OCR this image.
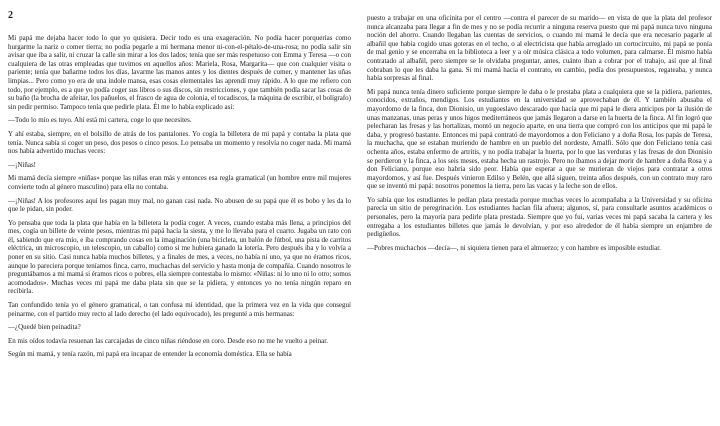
2

Mi papá me dejaba hacer todo lo que yo quisiera. Decir todo es una exageración. No podía hacer porquerías como hurgarme la nariz o comer tierra; no podía pegarle a mi hermana menor ni-con-el-pétalo-de-una-rosa; no podía salir sin avisar que iba a salir, ni cruzar la calle sin mirar a los dos lados; tenía que ser más respetuoso con Emma y Teresa —o con cualquiera de las otras empleadas que tuvimos en aquellos años: Mariela, Rosa, Margarita— que con cualquier visita o pariente; tenía que bañarme todos los días, lavarme las manos antes y los dientes después de comer, y mantener las uñas limpias... Pero como yo era de una índole mansa, esas cosas elementales las aprendí muy rápido. A lo que me refiero con todo, por ejemplo, es a que yo podía coger sus libros o sus discos, sin restricciones, y que también podía sacar las cosas de su baño (la brocha de afeitar, los pañuelos, el frasco de agua de colonia, el tocadiscos, la máquina de escribir, el bolígrafo) sin pedir permiso. Tampoco tenía que pedirle plata. Él me lo había explicado así:

—Todo lo mío es tuyo. Ahí está mi cartera, coge lo que necesites.

Y ahí estaba, siempre, en el bolsillo de atrás de los pantalones. Yo cogía la billetera de mi papá y contaba la plata que tenía. Nunca sabía si coger un peso, dos pesos o cinco pesos. Lo pensaba un momento y resolvía no coger nada. Mi mamá nos había advertido muchas veces:

—¡Niñas!

Mi mamá decía siempre «niñas» porque las niñas eran más y entonces esa regla gramatical (un hombre entre mil mujeres convierte todo al género masculino) para ella no contaba.

—¡Niñas! A los profesores aquí les pagan muy mal, no ganan casi nada. No abusen de su papá que él es bobo y les da lo que le pidan, sin poder.

Yo pensaba que toda la plata que había en la billetera la podía coger. A veces, cuando estaba más llena, a principios del mes, cogía un billete de veinte pesos, mientras mi papá hacía la siesta, y me lo llevaba para el cuarto. Jugaba un rato con él, sabiendo que era mío, e iba comprando cosas en la imaginación (una bicicleta, un balón de fútbol, una pista de carritos eléctrica, un microscopio, un telescopio, un caballo) como si me hubiera ganado la lotería. Pero después iba y lo volvía a poner en su sitio. Casi nunca había muchos billetes, y a finales de mes, a veces, no había ni uno, ya que no éramos ricos, aunque lo pareciera porque teníamos finca, carro, muchachas del servicio y hasta monja de compañía. Cuando nosotros le preguntábamos a mi mamá si éramos ricos o pobres, ella siempre contestaba lo mismo: «Niñas: ni lo uno ni lo otro; somos acomodados». Muchas veces mi papá me daba plata sin que se la pidiera, y entonces yo no tenía ningún reparo en recibirla.

Tan confundido tenía yo el género gramatical, o tan confusa mi identidad, que la primera vez en la vida que conseguí peinarme, con el partido muy recto al lado derecho (el lado equivocado), les pregunté a mis hermanas:

—¿Quedé bien peinadita?

En mis oídos todavía resuenan las carcajadas de cinco niñas riéndose en coro. Desde eso no me he vuelto a peinar.

Según mi mamá, y tenía razón, mi papá era incapaz de entender la economía doméstica. Ella se había

puesto a trabajar en una oficinita por el centro —contra el parecer de su marido— en vista de que la plata del profesor nunca alcanzaba para llegar a fin de mes y no se podía recurrir a ninguna reserva puesto que mi papá nunca tuvo ninguna noción del ahorro. Cuando llegaban las cuentas de servicios, o cuando mi mamá le decía que era necesario pagarle al albañil que había cogido unas goteras en el techo, o al electricista que había arreglado un cortocircuito, mi papá se ponía de mal genio y se encerraba en la biblioteca a leer y a oír música clásica a todo volumen, para calmarse. Él mismo había contratado al albañil, pero siempre se le olvidaba preguntar, antes, cuánto iban a cobrar por el trabajo, así que al final cobraban lo que les daba la gana. Si mi mamá hacía el contrato, en cambio, pedía dos presupuestos, regateaba, y nunca había sorpresas al final.

Mi papá nunca tenía dinero suficiente porque siempre le daba o le prestaba plata a cualquiera que se la pidiera, parientes, conocidos, extraños, mendigos. Los estudiantes en la universidad se aprovechaban de él. Y también abusaba el mayordomo de la finca, don Dionisio, un yugoeslavo descarado que hacía que mi papá le diera anticipos por la ilusión de unas manzanas, unas peras y unos higos mediterráneos que jamás llegaron a darse en la huerta de la finca. Al fin logró que pelecharan las fresas y las hortalizas, montó un negocio aparte, en una tierra que compró con los anticipos que mi papá le daba, y progresó bastante. Entonces mi papá contrató de mayordomos a don Feliciano y a doña Rosa, los papás de Teresa, la muchacha, que se estaban muriendo de hambre en un pueblo del nordeste, Amalfi. Sólo que don Feliciano tenía casi ochenta años, estaba enfermo de artritis, y no podía trabajar la huerta, por lo que las verduras y las fresas de don Dionisio se perdieron y la finca, a los seis meses, estaba hecha un rastrojo. Pero no íbamos a dejar morir de hambre a doña Rosa y a don Feliciano, porque eso habría sido peor. Había que esperar a que se murieran de viejos para contratar a otros mayordomos, y así fue. Después vinieron Edilso y Belén, que allá siguen, treinta años después, con un contrato muy raro que se inventó mi papá: nosotros ponemos la tierra, pero las vacas y la leche son de ellos.

Yo sabía que los estudiantes le pedían plata prestada porque muchas veces lo acompañaba a la Universidad y su oficina parecía un sitio de peregrinación. Los estudiantes hacían fila afuera; algunos, sí, para consultarle asuntos académicos o personales, pero la mayoría para pedirle plata prestada. Siempre que yo fui, varias veces mi papá sacaba la cartera y les entregaba a los estudiantes billetes que jamás le devolvían, y por eso alrededor de él había siempre un enjambre de pedigüeños.

—Pobres muchachos —decía—, ni siquiera tienen para el almuerzo; y con hambre es imposible estudiar.
